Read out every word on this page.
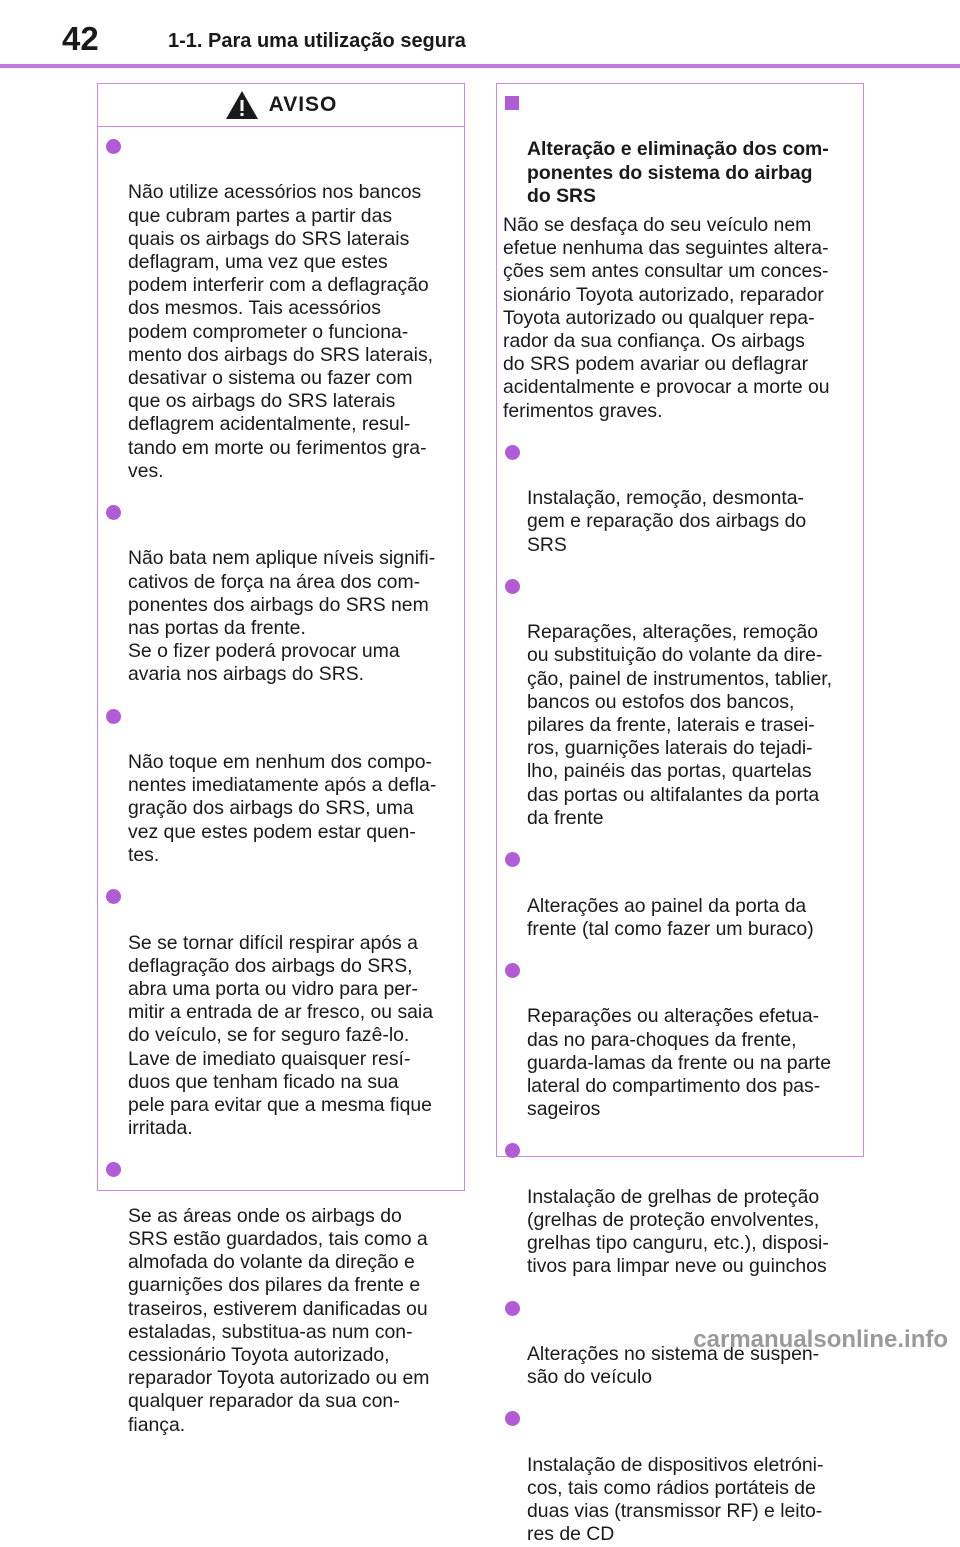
42	1-1. Para uma utilização segura
AVISO

Não utilize acessórios nos bancos
que cubram partes a partir das
quais os airbags do SRS laterais
deflagram, uma vez que estes
podem interferir com a deflagração
dos mesmos. Tais acessórios
podem comprometer o funciona-
mento dos airbags do SRS laterais,
desativar o sistema ou fazer com
que os airbags do SRS laterais
deflagrem acidentalmente, resul-
tando em morte ou ferimentos gra-
ves.

Não bata nem aplique níveis signifi-
cativos de força na área dos com-
ponentes dos airbags do SRS nem
nas portas da frente.
Se o fizer poderá provocar uma
avaria nos airbags do SRS.

Não toque em nenhum dos compo-
nentes imediatamente após a defla-
gração dos airbags do SRS, uma
vez que estes podem estar quen-
tes.

Se se tornar difícil respirar após a
deflagração dos airbags do SRS,
abra uma porta ou vidro para per-
mitir a entrada de ar fresco, ou saia
do veículo, se for seguro fazê-lo.
Lave de imediato quaisquer resí-
duos que tenham ficado na sua
pele para evitar que a mesma fique
irritada.

Se as áreas onde os airbags do
SRS estão guardados, tais como a
almofada do volante da direção e
guarnições dos pilares da frente e
traseiros, estiverem danificadas ou
estaladas, substitua-as num con-
cessionário Toyota autorizado,
reparador Toyota autorizado ou em
qualquer reparador da sua con-
fiança.

Alteração e eliminação dos com-
ponentes do sistema do airbag
do SRS

Não se desfaça do seu veículo nem
efetue nenhuma das seguintes altera-
ções sem antes consultar um conces-
sionário Toyota autorizado, reparador
Toyota autorizado ou qualquer repa-
rador da sua confiança. Os airbags
do SRS podem avariar ou deflagrar
acidentalmente e provocar a morte ou
ferimentos graves.

Instalação, remoção, desmonta-
gem e reparação dos airbags do
SRS

Reparações, alterações, remoção
ou substituição do volante da dire-
ção, painel de instrumentos, tablier,
bancos ou estofos dos bancos,
pilares da frente, laterais e trasei-
ros, guarnições laterais do tejadi-
lho, painéis das portas, quartelas
das portas ou altifalantes da porta
da frente

Alterações ao painel da porta da
frente (tal como fazer um buraco)

Reparações ou alterações efetua-
das no para-choques da frente,
guarda-lamas da frente ou na parte
lateral do compartimento dos pas-
sageiros

Instalação de grelhas de proteção
(grelhas de proteção envolventes,
grelhas tipo canguru, etc.), disposi-
tivos para limpar neve ou guinchos

Alterações no sistema de suspen-
são do veículo

Instalação de dispositivos eletróni-
cos, tais como rádios portáteis de
duas vias (transmissor RF) e leito-
res de CD

carmanualsonline.info
